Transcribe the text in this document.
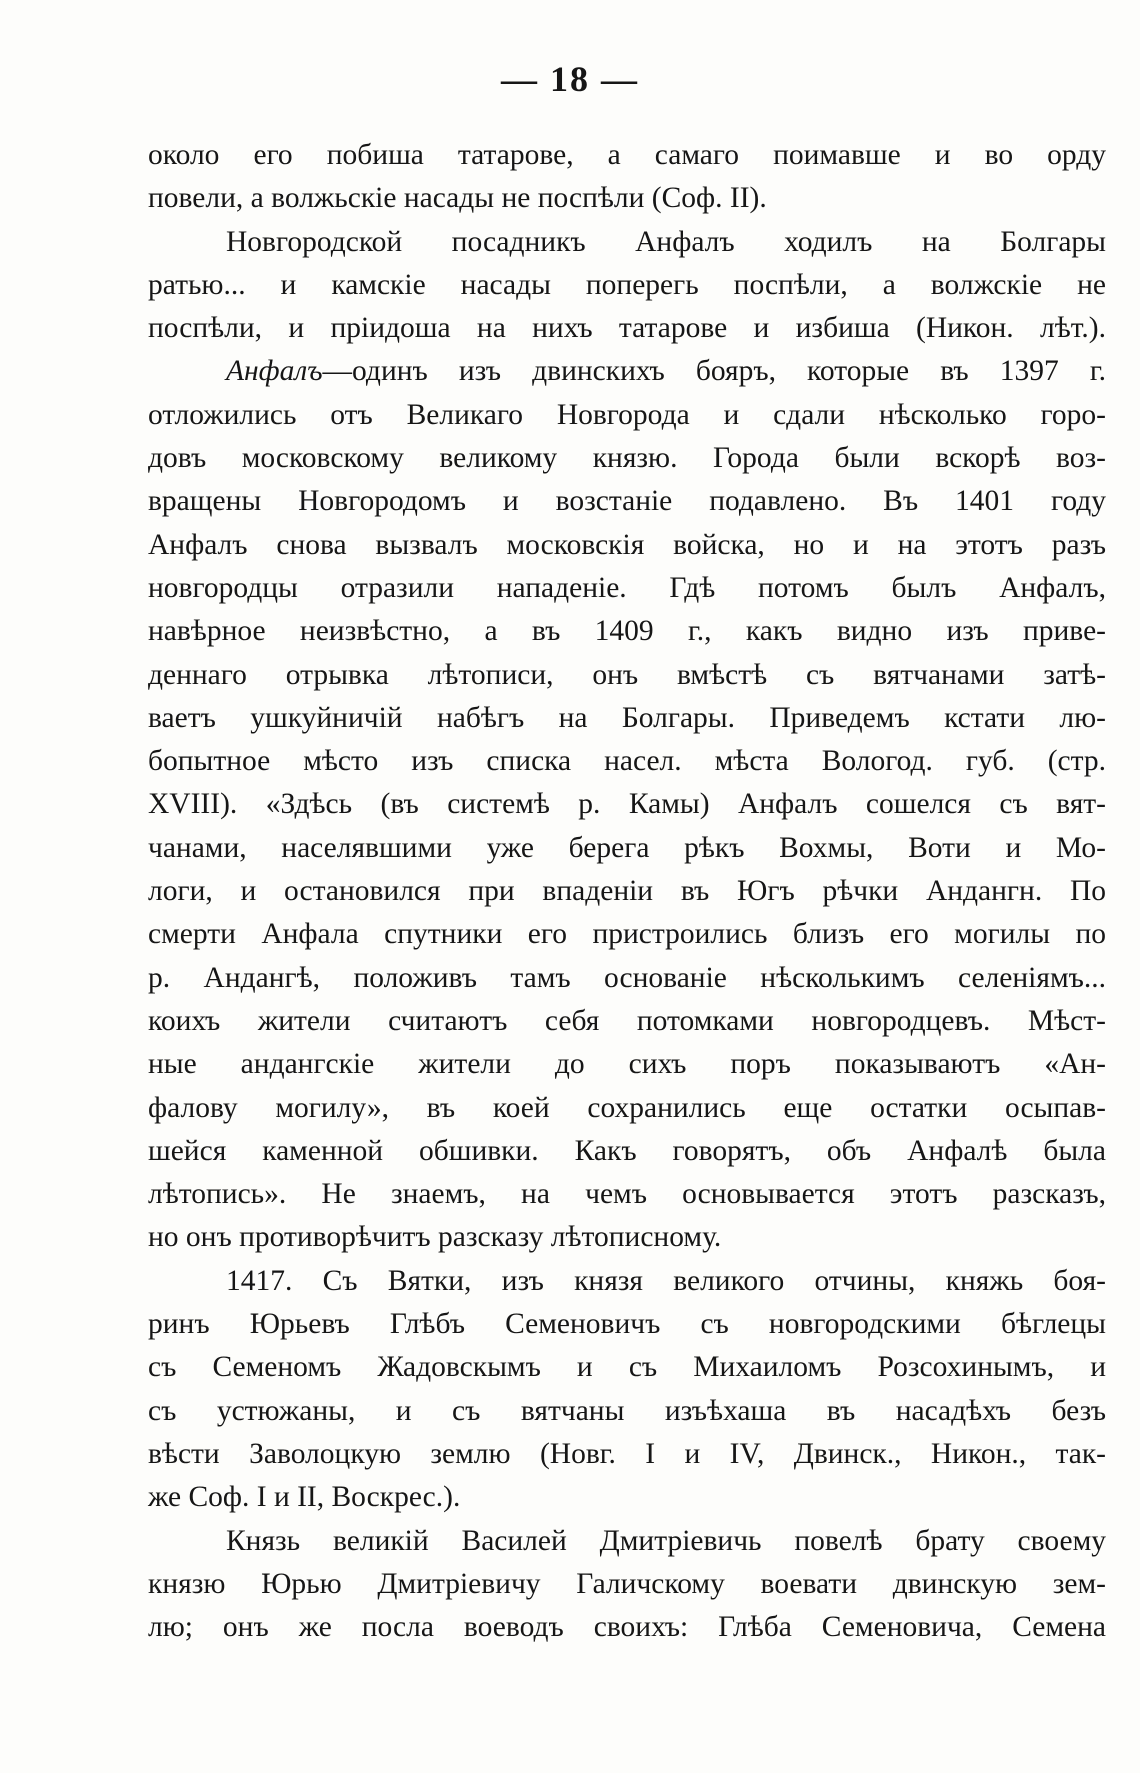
— 18 —

около его побиша татарове, а самаго поимавше и во орду
повели, а волжьскіе насады не поспѣли (Соф. II).

Новгородской посадникъ Анфалъ ходилъ на Болгары
ратью... и камскіе насады поперегь поспѣли, а волжскіе не
поспѣли, и пріидоша на нихъ татарове и избиша (Никон. лѣт.).

Анфалъ—одинъ изъ двинскихъ бояръ, которые въ 1397 г.
отложились отъ Великаго Новгорода и сдали нѣсколько горо-
довъ московскому великому князю. Города были вскорѣ воз-
вращены Новгородомъ и возстаніе подавлено. Въ 1401 году
Анфалъ снова вызвалъ московскія войска, но и на этотъ разъ
новгородцы отразили нападеніе. Гдѣ потомъ былъ Анфалъ,
навѣрное неизвѣстно, а въ 1409 г., какъ видно изъ приве-
деннаго отрывка лѣтописи, онъ вмѣстѣ съ вятчанами затѣ-
ваетъ ушкуйничій набѣгъ на Болгары. Приведемъ кстати лю-
бопытное мѣсто изъ списка насел. мѣста Вологод. губ. (стр.
XVIII). «Здѣсь (въ системѣ р. Камы) Анфалъ сошелся съ вят-
чанами, населявшими уже берега рѣкъ Вохмы, Воти и Мо-
логи, и остановился при впаденіи въ Югъ рѣчки Андангн. По
смерти Анфала спутники его пристроились близъ его могилы по
р. Андангѣ, положивъ тамъ основаніе нѣсколькимъ селеніямъ...
коихъ жители считаютъ себя потомками новгородцевъ. Мѣст-
ные андангскіе жители до сихъ поръ показываютъ «Ан-
фалову могилу», въ коей сохранились еще остатки осыпав-
шейся каменной обшивки. Какъ говорятъ, объ Анфалѣ была
лѣтопись». Не знаемъ, на чемъ основывается этотъ разсказъ,
но онъ противорѣчитъ разсказу лѣтописному.

1417. Съ Вятки, изъ князя великого отчины, княжь боя-
ринъ Юрьевъ Глѣбъ Семеновичъ съ новгородскими бѣглецы
съ Семеномъ Жадовскымъ и съ Михаиломъ Розсохинымъ, и
съ устюжаны, и съ вятчаны изъѣхаша въ насадѣхъ безъ
вѣсти Заволоцкую землю (Новг. I и IV, Двинск., Никон., так-
же Соф. I и II, Воскрес.).

Князь великій Василей Дмитріевичь повелѣ брату своему
князю Юрью Дмитріевичу Галичскому воевати двинскую зем-
лю; онъ же посла воеводъ своихъ: Глѣба Семеновича, Семена
